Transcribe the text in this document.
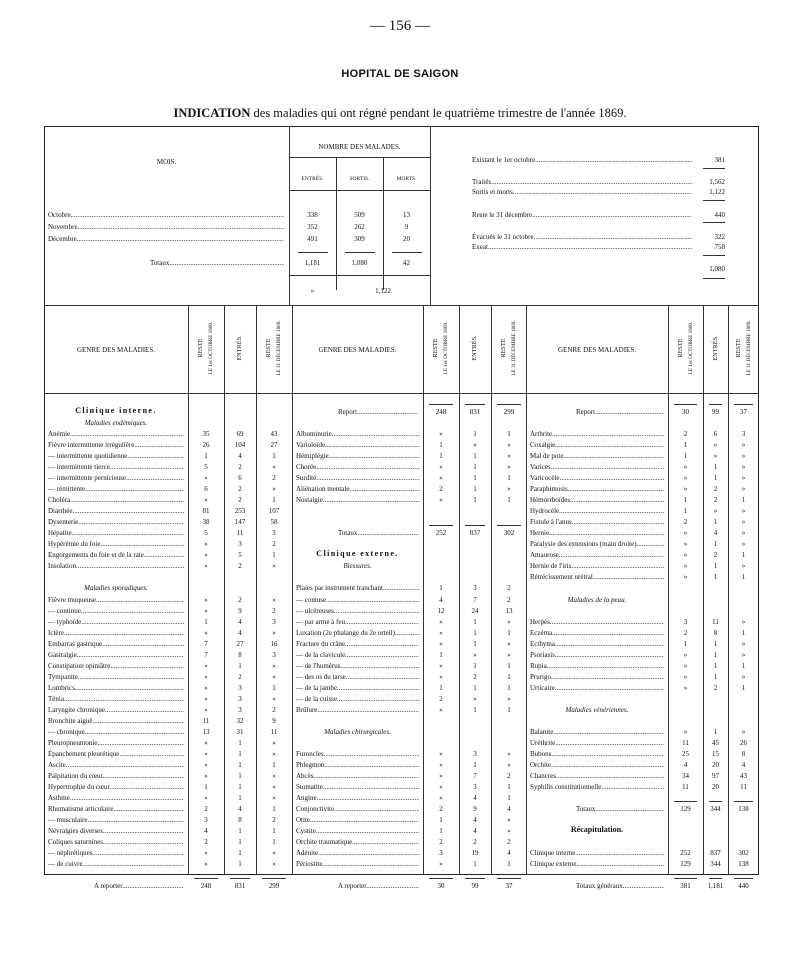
— 156 —
HOPITAL DE SAIGON
INDICATION des maladies qui ont régné pendant le quatrième trimestre de l'année 1869.
MOIS.
NOMBRE DES MALADES.
ENTRÉS.	SORTIS.	MORTS.
Octobre .....	338	509	13
Novembre .....	352	262	9
Décembre .....	491	309	20
Totaux .....	1,181	1,080	42
»	1,122
Existant le 1er octobre .....	381
Traités .....	1,562
Sortis et morts .....	1,122
Reste le 31 décembre .....	440
Évacués le 31 octobre .....	322
Exeat .....	758
1,080
Clinique interne.
Maladies endémiques.
Anémie .....	35	69	43
Fièvre intermittente irrégulière .....	26	104	27
— intermittente quotidienne .....	1	4	1
— intermittente tierce .....	5	2	»
— intermittente pernicieuse .....	»	6	2
— rémittente .....	6	2	»
Choléra .....	»	2	1
Diarrhée .....	81	253	107
Dysenterie .....	38	147	58
Hépatite .....	5	11	3
Hypérémie du foie .....	»	3	2
Engorgements du foie et de la rate .....	»	5	1
Insolation .....	»	2	»
Maladies sporadiques.
Fièvre muqueuse .....	»	2	»
— continue .....	»	9	2
— typhoïde .....	1	4	3
Ictère .....	»	4	»
Embarras gastrique .....	7	27	16
Gastralgie .....	7	8	3
Constipation opiniâtre .....	»	1	»
Tympanite .....	»	2	»
Lombrics .....	»	3	1
Ténia .....	»	3	»
Laryngite chronique .....	»	3	2
Bronchite aiguë .....	11	32	9
— chronique .....	13	31	11
Pleuropneumonie .....	»	1	»
Épanchement pleurétique .....	»	1	»
Ascite .....	»	1	1
Palpitation du cœur .....	»	1	»
Hypertrophie du cœur .....	1	1	»
Asthme .....	»	1	»
Rhumatisme articulaire .....	2	4	1
— musculaire .....	3	8	2
Névralgies diverses .....	4	1	1
Coliques saturnines .....	2	1	1
— néphrétiques .....	»	1	»
— de cuivre .....	»	1	»
A reporter .....	248	831	299
Report .....	248	831	299
Albuminurie .....	»	1	1
Varioloïde .....	1	»	»
Hémiplégie .....	1	1	»
Chorée .....	»	1	»
Surdité .....	»	1	1
Aliénation mentale .....	2	1	»
Nostalgie .....	»	1	1
Totaux .....	252	837	302
Clinique externe.
Blessures.
Plaies par instrument tranchant .....	1	3	2
— contuse .....	4	7	2
— ulcéreuses .....	12	24	13
— par arme à feu .....	»	1	»
Luxation (2e phalange du 2e orteil) .....	»	1	1
Fracture du crâne .....	»	1	»
— de la clavicule .....	1	»	»
— de l'humérus .....	»	1	1
— des os du tarse .....	»	2	1
— de la jambe .....	1	1	1
— de la cuisse .....	2	»	»
Brûlure .....	»	1	1
Maladies chirurgicales.
Furoncles .....	»	3	»
Phlegmon .....	»	1	»
Abcès .....	»	7	2
Stomatite .....	»	3	1
Angine .....	»	4	1
Conjonctivite .....	2	9	4
Otite .....	1	4	»
Cystite .....	1	4	»
Orchite traumatique .....	2	2	2
Adénite .....	3	19	4
Périostite .....	»	1	1
A reporter .....	30	99	37
Report .....	30	99	37
Arthrite .....	2	6	3
Coxalgie .....	1	»	»
Mal de pote .....	1	»	»
Varices .....	»	1	»
Varicocèle .....	»	1	»
Paraphimosis .....	»	2	»
Hémorrhoïdes .....	1	2	1
Hydrocèle .....	1	»	»
Fistule à l'anus .....	2	1	»
Hernie .....	»	4	»
Paralysie des extensions (main droite) .....	»	1	»
Amaurose .....	»	2	1
Hernie de l'iris .....	»	1	»
Rétrécissement urétral .....	»	1	1
Maladies de la peau.
Herpès .....	3	11	»
Eczéma .....	2	8	1
Ecthyma .....	1	1	»
Psoriasis .....	»	1	»
Rupia .....	»	1	1
Prurigo .....	»	1	»
Urticaire .....	»	2	1
Maladies vénériennes.
Balanite .....	»	1	»
Uréthrite .....	11	45	26
Bubons .....	25	15	8
Orchite .....	4	20	4
Chancres .....	34	97	43
Syphilis constitutionnelle .....	11	20	11
Totaux .....	129	344	138
Récapitulation.
Clinique interne .....	252	837	302
Clinique externe .....	129	344	138
Totaux généraux .....	381	1,181	440
GENRE DES MALADIES.	RESTE LE 1er OCTOBRE 1869.	ENTRÉS.	RESTE LE 31 DÉCEMBRE 1869.	GENRE DES MALADIES.	RESTE LE 1er OCTOBRE 1869.	ENTRÉS.	RESTE LE 31 DÉCEMBRE 1869.	GENRE DES MALADIES.	RESTE LE 1er OCTOBRE 1869.	ENTRÉS.	RESTE LE 31 DÉCEMBRE 1869.
